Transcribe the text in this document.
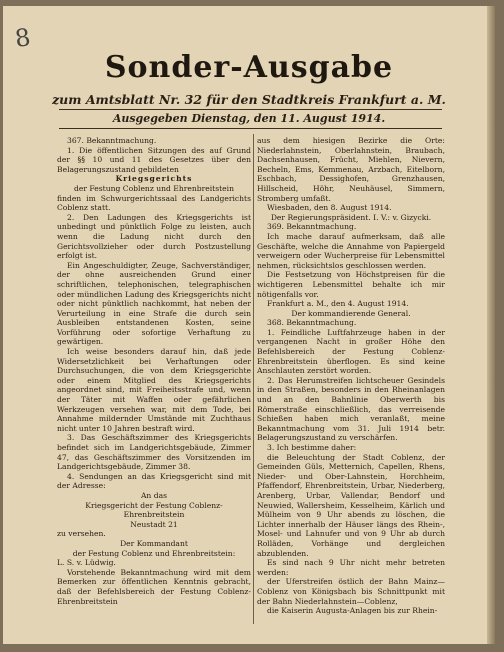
8
Sonder-Ausgabe
zum Amtsblatt Nr. 32 für den Stadtkreis Frankfurt a. M.
Ausgegeben Dienstag, den 11. August 1914.

367. Bekanntmachung.

1. Die öffentlichen Sitzungen des auf Grund der §§ 10 und 11 des Gesetzes über den Belagerungszustand gebildeten

Kriegsgerichts

der Festung Coblenz und Ehrenbreitstein

finden im Schwurgerichtssaal des Landgerichts Coblenz statt.

2. Den Ladungen des Kriegsgerichts ist unbedingt und pünktlich Folge zu leisten, auch wenn die Ladung nicht durch den Gerichtsvollzieher oder durch Postzustellung erfolgt ist.

Ein Angeschuldigter, Zeuge, Sachverständiger, der ohne ausreichenden Grund einer schriftlichen, telephonischen, telegraphischen oder mündlichen Ladung des Kriegsgerichts nicht oder nicht pünktlich nachkommt, hat neben der Verurteilung in eine Strafe die durch sein Ausbleiben entstandenen Kosten, seine Vorführung oder sofortige Verhaftung zu gewärtigen.

Ich weise besonders darauf hin, daß jede Widersetzlichkeit bei Verhaftungen oder Durchsuchungen, die von dem Kriegsgerichte oder einem Mitglied des Kriegsgerichts angeordnet sind, mit Freiheitsstrafe und, wenn der Täter mit Waffen oder gefährlichen Werkzeugen versehen war, mit dem Tode, bei Annahme mildernder Umstände mit Zuchthaus nicht unter 10 Jahren bestraft wird.

3. Das Geschäftszimmer des Kriegsgerichts befindet sich im Landgerichtsgebäude, Zimmer 47, das Geschäftszimmer des Vorsitzenden im Landgerichtsgebäude, Zimmer 38.

4. Sendungen an das Kriegsgericht sind mit der Adresse:

An das

Kriegsgericht der Festung Coblenz-Ehrenbreitstein

Neustadt 21

zu versehen.

Der Kommandant

der Festung Coblenz und Ehrenbreitstein:

L. S. v. Lüdwig.

Vorstehende Bekanntmachung wird mit dem Bemerken zur öffentlichen Kenntnis gebracht, daß der Befehlsbereich der Festung Coblenz-Ehrenbreitstein

aus dem hiesigen Bezirke die Orte: Niederlahnstein, Oberlahnstein, Braubach, Dachsenhausen, Frücht, Miehlen, Nievern, Becheln, Ems, Kemmenau, Arzbach, Eitelborn, Eschbach, Dessighofen, Grenzhausen, Hillscheid, Höhr, Neuhäusel, Simmern, Stromberg umfaßt.

Wiesbaden, den 8. August 1914.

Der Regierungspräsident. I. V.: v. Gizycki.

369. Bekanntmachung.

Ich mache darauf aufmerksam, daß alle Geschäfte, welche die Annahme von Papiergeld verweigern oder Wucherpreise für Lebensmittel nehmen, rücksichtslos geschlossen werden.

Die Festsetzung von Höchstpreisen für die wichtigeren Lebensmittel behalte ich mir nötigenfalls vor.

Frankfurt a. M., den 4. August 1914.

Der kommandierende General.

368. Bekanntmachung.

1. Feindliche Luftfahrzeuge haben in der vergangenen Nacht in großer Höhe den Befehlsbereich der Festung Coblenz-Ehrenbreitstein überflogen. Es sind keine Anschlauten zerstört worden.

2. Das Herumstreifen lichtscheuer Gesindels in den Straßen, besonders in den Rheinanlagen und an den Bahnlinie Oberwerth bis Römerstraße einschließlich, das verreisende Schießen haben mich veranlaßt, meine Bekanntmachung vom 31. Juli 1914 betr. Belagerungszustand zu verschärfen.

3. Ich bestimme daher:

die Beleuchtung der Stadt Coblenz, der Gemeinden Güls, Metternich, Capellen, Rhens, Nieder- und Ober-Lahnstein, Horchheim, Pfaffendorf, Ehrenbreitstein, Urbar, Niederberg, Arenberg, Urbar, Vallendar, Bendorf und Neuwied, Wallersheim, Kesselheim, Kärlich und Mülheim von 9 Uhr abends zu löschen, die Lichter innerhalb der Häuser längs des Rhein-, Mosel- und Lahnufer und von 9 Uhr ab durch Rolläden, Vorhänge und dergleichen abzublenden.

Es sind nach 9 Uhr nicht mehr betreten werden:

der Uferstreifen östlich der Bahn Mainz—Coblenz von Königsbach bis Schnittpunkt mit der Bahn Niederlahnstein—Coblenz,

die Kaiserin Augusta-Anlagen bis zur Rhein-
